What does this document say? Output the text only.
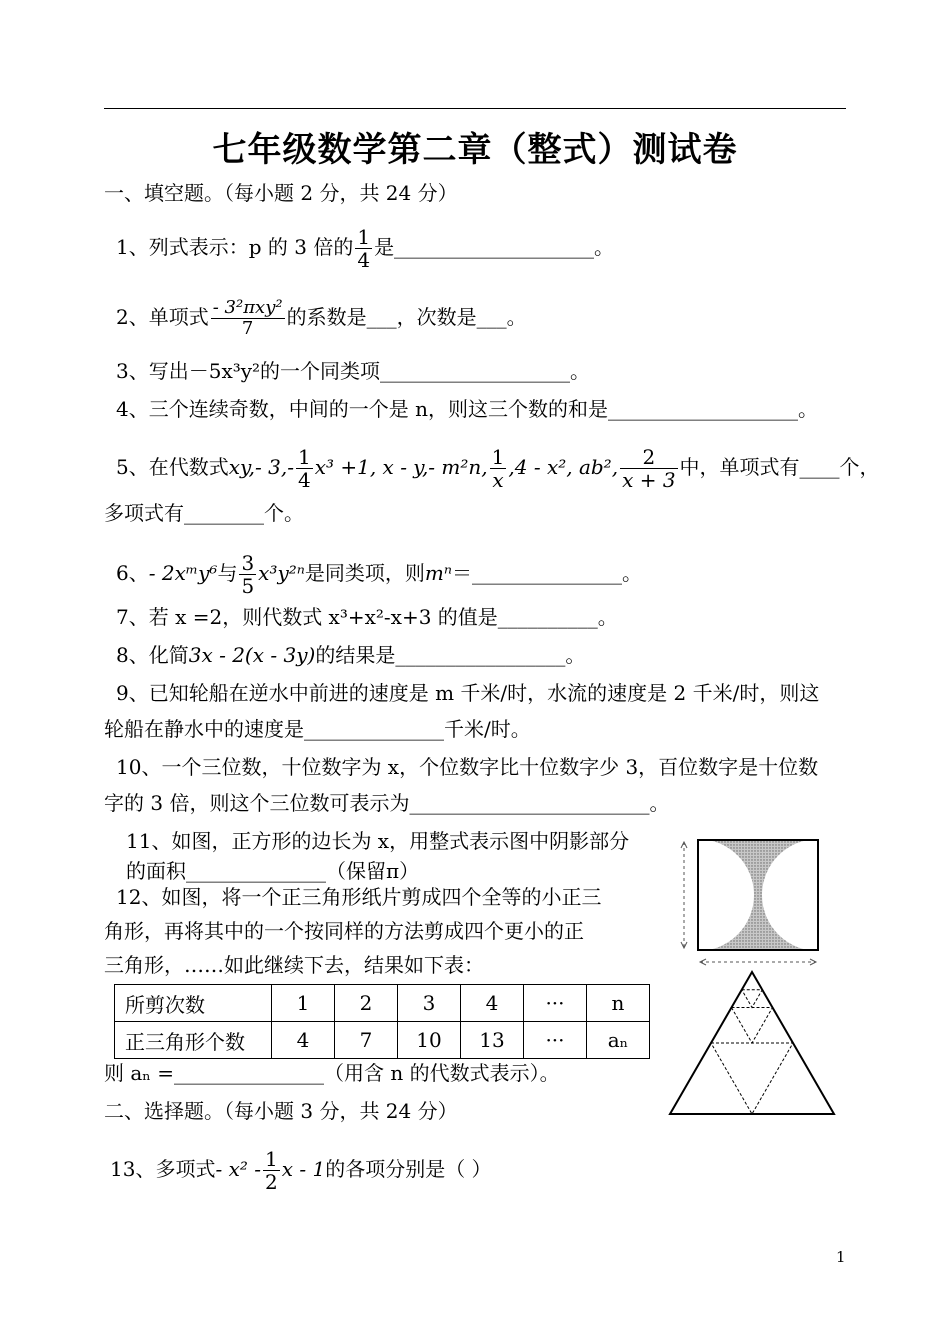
七年级数学第二章（整式）测试卷
一、填空题。（每小题 2 分，共 24 分）
1、列式表示：p 的 3 倍的 $\frac{1}{4}$ 是____________________。
2、单项式 $\frac{\text{- 3²πxy²}}{7}$ 的系数是___，次数是___。
3、写出－5x³y²的一个同类项___________________。
4、三个连续奇数，中间的一个是 n，则这三个数的和是___________________。
5、在代数式xy,- $3,- \frac{1}{4} x^3 +1$, x - y,- m²n, $\frac{1}{x} ,4 - x^2$, ab², $\frac{2}{x + 3}$ 中，单项式有____个，
多项式有________个。
6、- 2xᵐy⁶与 $\frac{3}{5} x^3y^{2n}$是同类项，则mⁿ＝_______________。
7、若 x =2，则代数式 x³+x²-x+3 的值是__________。
8、化简3x - 2(x - 3y)的结果是_________________。
9、已知轮船在逆水中前进的速度是 m 千米/时，水流的速度是 2 千米/时，则这
轮船在静水中的速度是______________千米/时。
10、一个三位数，十位数字为 x，个位数字比十位数字少 3，百位数字是十位数
字的 3 倍，则这个三位数可表示为________________________。
11、如图，正方形的边长为 x，用整式表示图中阴影部分
的面积______________（保留π）
12、如图，将一个正三角形纸片剪成四个全等的小正三
角形，再将其中的一个按同样的方法剪成四个更小的正
三角形，……如此继续下去，结果如下表：
所剪次数	1	2	3	4	···	n
正三角形个数	4	7	10	13	···	aₙ
则 aₙ =_______________（用含 n 的代数式表示）。
二、选择题。（每小题 3 分，共 24 分）
13、多项式- $x^2 - \frac{1}{2}$ x - 1的各项分别是（ ）
1
